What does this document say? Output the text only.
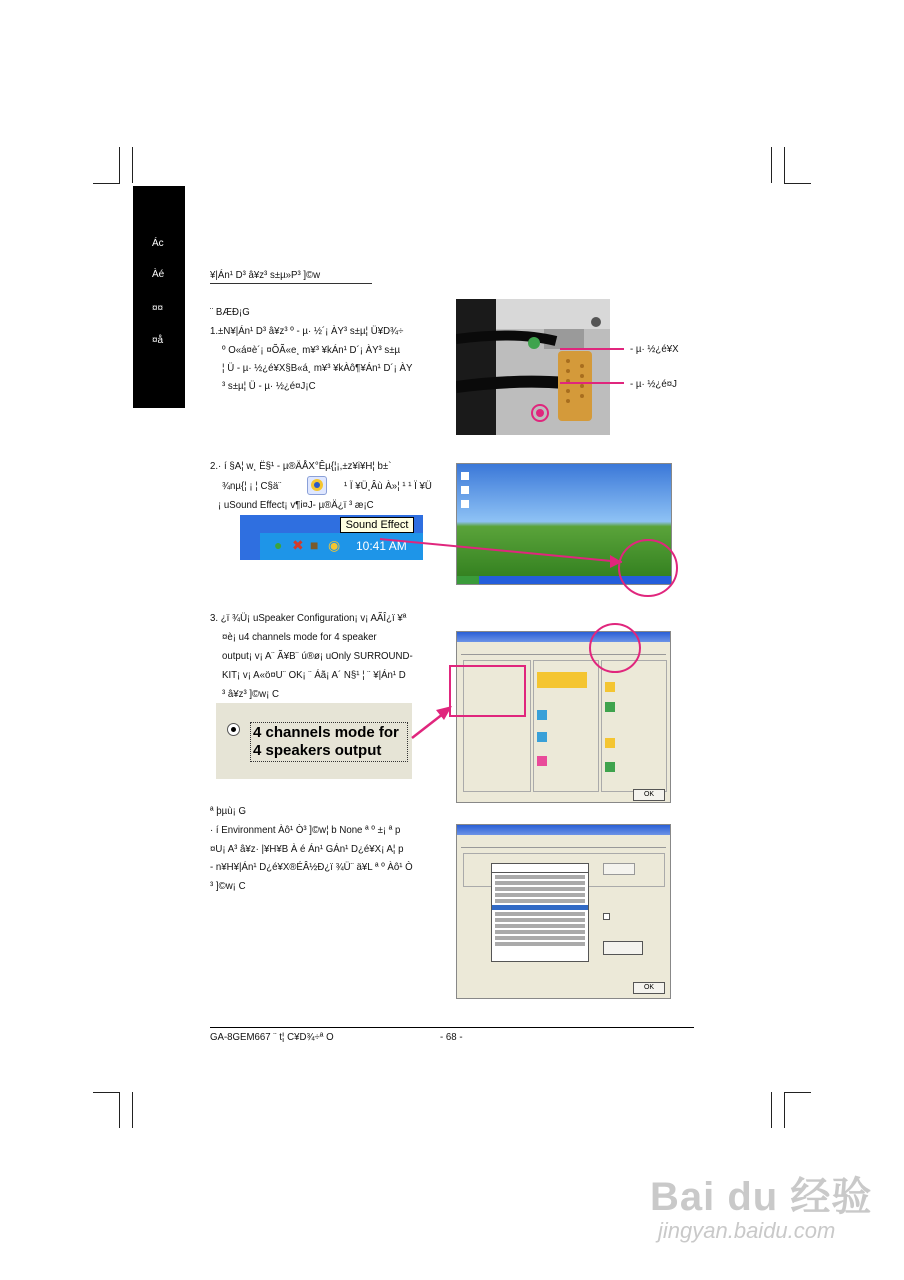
Ác
Àé
¤¤
¤å
¥|Án¹ D³ â¥z³ s±µ»P³ ]©w
¨ BÆÐ¡G
1.±N¥|Án¹ D³ â¥z³ º - µ· ½´¡ ÀY³ s±µ¦ Ü¥D¾÷
º O«á¤è´¡ ¤ÕÃ«e¸ m¥³ ¥kÁn¹ D´¡ ÀY³ s±µ
¦ Ü - µ· ½¿é¥X§B«á¸ m¥³ ¥kÀô¶¥Án¹ D´¡ ÀY
³ s±µ¦ Ü - µ· ½¿é¤J¡C
- µ· ½¿é¥X
- µ· ½¿é¤J
2.· í §A¦ w¸ Ë§¹ - µ®ÄÅX°Êµ{¦¡,±z¥i¥H¦ b±`
¾nµ{¦ ¡ ¦ C§ä¨	¹ Ï ¥Ü¸Âù À»¦ ¹ ¹ Ï ¥Ü
¡ uSound Effect¡ v¶i¤J- µ®Ä¿ï ³ æ¡C
Sound Effect
● ✖ ■ ◉ 10:41 AM
3. ¿ï ¾Ü¡ uSpeaker Configuration¡ v¡ AÃÎ¿ï ¥ª
¤è¡ u4 channels mode for 4 speaker
output¡ v¡ A¨ Ã¥B¨ ú®ø¡ uOnly SURROUND-
KIT¡ v¡ A«ö¤U¨ OK¡ ¨ Áã¡ A´ N§¹ ¦ ¨ ¥|Án¹ D
³ â¥z³ ]©w¡ C
4 channels mode for 4 speakers output
OK
ª þµù¡ G
· í Environment Àô¹ Ò³ ]©w¦ b None ª º ±¡ ª p
¤U¡ A³ â¥z· |¥H¥B À é Án¹ GÁn¹ D¿é¥X¡ A¦ p
- n¥H¥|Án¹ D¿é¥X®ÉÂ½Ð¿ï ¾Ü¨ ä¥L ª º Àô¹ Ò
³ ]©w¡ C
OK
GA-8GEM667 ¨ t¦ C¥D¾÷ª O	- 68 -
Bai du 经验
jingyan.baidu.com
